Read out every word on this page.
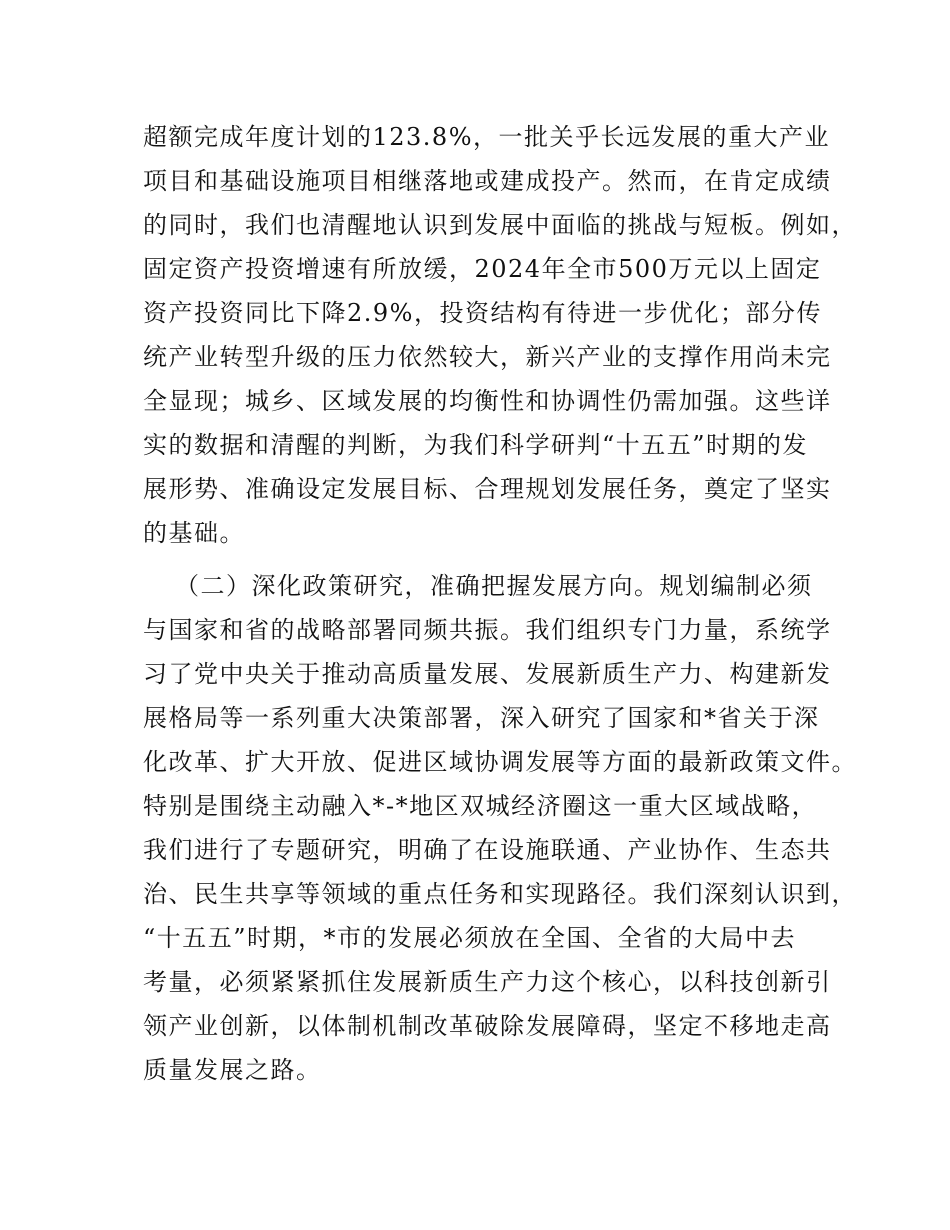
超额完成年度计划的123.8%，一批关乎长远发展的重大产业
项目和基础设施项目相继落地或建成投产。然而，在肯定成绩
的同时，我们也清醒地认识到发展中面临的挑战与短板。例如，
固定资产投资增速有所放缓，2024年全市500万元以上固定
资产投资同比下降2.9%，投资结构有待进一步优化；部分传
统产业转型升级的压力依然较大，新兴产业的支撑作用尚未完
全显现；城乡、区域发展的均衡性和协调性仍需加强。这些详
实的数据和清醒的判断，为我们科学研判“十五五”时期的发
展形势、准确设定发展目标、合理规划发展任务，奠定了坚实
的基础。
（二）深化政策研究，准确把握发展方向。规划编制必须
与国家和省的战略部署同频共振。我们组织专门力量，系统学
习了党中央关于推动高质量发展、发展新质生产力、构建新发
展格局等一系列重大决策部署，深入研究了国家和*省关于深
化改革、扩大开放、促进区域协调发展等方面的最新政策文件。
特别是围绕主动融入*-*地区双城经济圈这一重大区域战略，
我们进行了专题研究，明确了在设施联通、产业协作、生态共
治、民生共享等领域的重点任务和实现路径。我们深刻认识到，
“十五五”时期，*市的发展必须放在全国、全省的大局中去
考量，必须紧紧抓住发展新质生产力这个核心，以科技创新引
领产业创新，以体制机制改革破除发展障碍，坚定不移地走高
质量发展之路。
